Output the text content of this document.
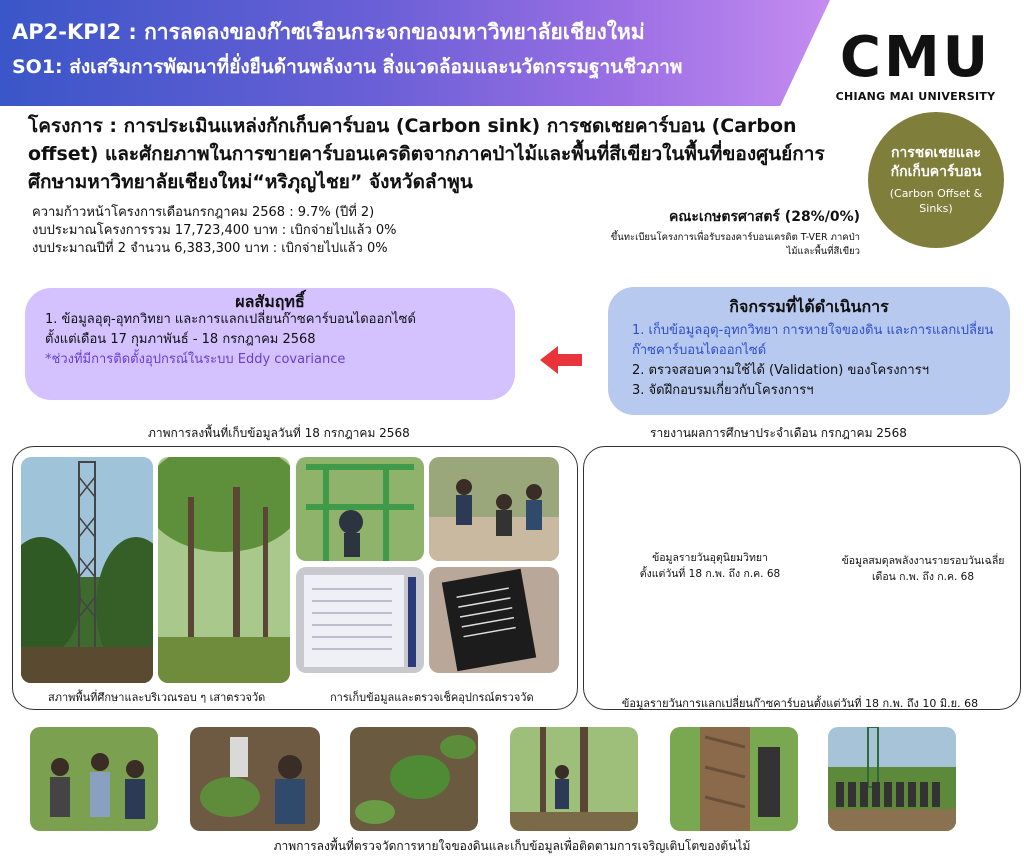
AP2-KPI2 : การลดลงของก๊าซเรือนกระจกของมหาวิทยาลัยเชียงใหม่
SO1: ส่งเสริมการพัฒนาที่ยั่งยืนด้านพลังงาน สิ่งแวดล้อมและนวัตกรรมฐานชีวภาพ	CMU
CHIANG MAI UNIVERSITY
โครงการ : การประเมินแหล่งกักเก็บคาร์บอน (Carbon sink) การชดเชยคาร์บอน (Carbon offset) และศักยภาพในการขายคาร์บอนเครดิตจากภาคป่าไม้และพื้นที่สีเขียวในพื้นที่ของศูนย์การศึกษามหาวิทยาลัยเชียงใหม่“หริภุญไชย” จังหวัดลำพูน
ความก้าวหน้าโครงการเดือนกรกฎาคม 2568 : 9.7% (ปีที่ 2)
งบประมาณโครงการรวม 17,723,400 บาท : เบิกจ่ายไปแล้ว 0%
งบประมาณปีที่ 2 จำนวน 6,383,300 บาท : เบิกจ่ายไปแล้ว 0%
คณะเกษตรศาสตร์ (28%/0%)
ขึ้นทะเบียนโครงการเพื่อรับรองคาร์บอนเครดิต T-VER ภาคป่า
ไม้และพื้นที่สีเขียว
การชดเชยและ
กักเก็บคาร์บอน
(Carbon Offset &
Sinks)
ผลสัมฤทธิ์
1. ข้อมูลอุตุ-อุทกวิทยา และการแลกเปลี่ยนก๊าซคาร์บอนไดออกไซด์
ตั้งแต่เดือน 17 กุมภาพันธ์ - 18 กรกฎาคม 2568
*ช่วงที่มีการติดตั้งอุปกรณ์ในระบบ Eddy covariance
กิจกรรมที่ได้ดำเนินการ
1. เก็บข้อมูลอุตุ-อุทกวิทยา การหายใจของดิน และการแลกเปลี่ยนก๊าซคาร์บอนไดออกไซด์
2. ตรวจสอบความใช้ได้ (Validation) ของโครงการฯ
3. จัดฝึกอบรมเกี่ยวกับโครงการฯ
ภาพการลงพื้นที่เก็บข้อมูลวันที่ 18 กรกฎาคม 2568	รายงานผลการศึกษาประจำเดือน กรกฎาคม 2568
สภาพพื้นที่ศึกษาและบริเวณรอบ ๆ เสาตรวจวัด	การเก็บข้อมูลและตรวจเช็คอุปกรณ์ตรวจวัด
ข้อมูลรายวันอุตุนิยมวิทยา
ตั้งแต่วันที่ 18 ก.พ. ถึง ก.ค. 68
ข้อมูลสมดุลพลังงานรายรอบวันเฉลี่ย
เดือน ก.พ. ถึง ก.ค. 68
ข้อมูลรายวันการแลกเปลี่ยนก๊าซคาร์บอนตั้งแต่วันที่ 18 ก.พ. ถึง 10 มิ.ย. 68
ภาพการลงพื้นที่ตรวจวัดการหายใจของดินและเก็บข้อมูลเพื่อติดตามการเจริญเติบโตของต้นไม้
